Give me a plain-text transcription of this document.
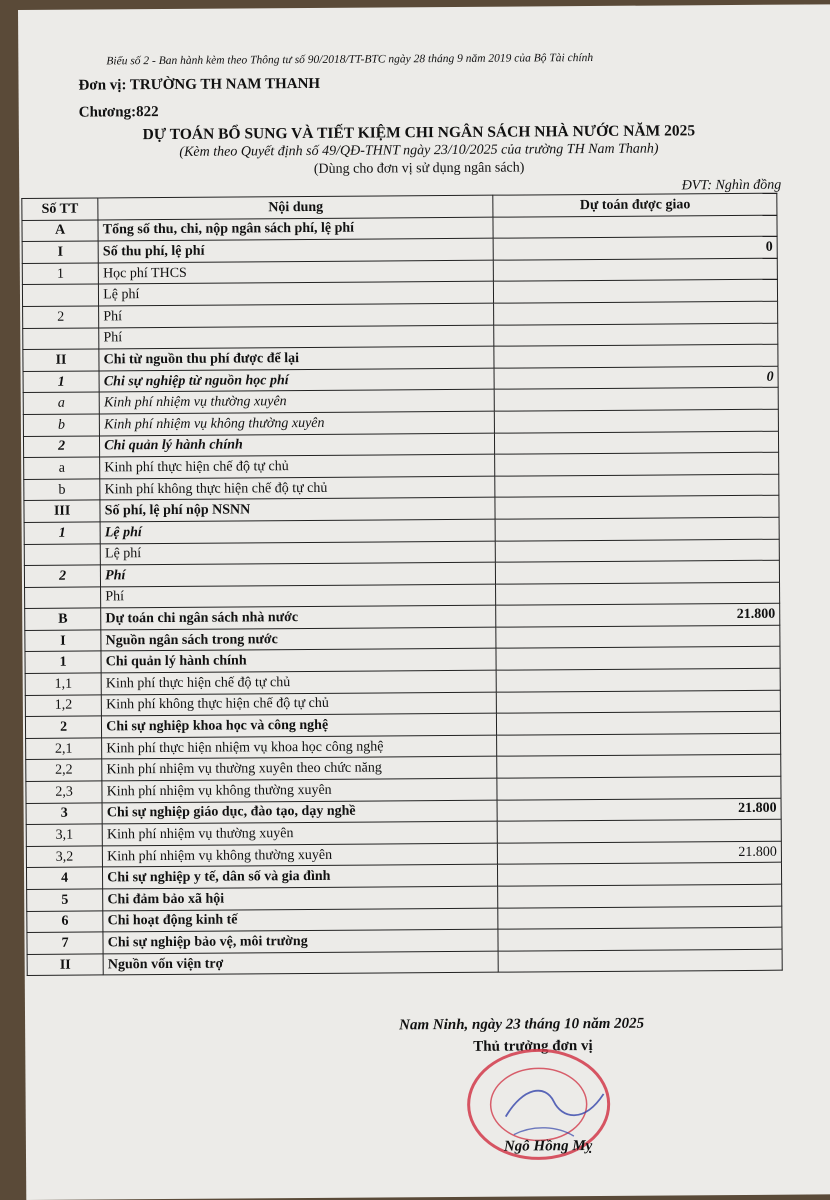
Biểu số 2 - Ban hành kèm theo Thông tư số 90/2018/TT-BTC ngày 28 tháng 9 năm 2019 của Bộ Tài chính
Đơn vị: TRƯỜNG TH NAM THANH
Chương:822
DỰ TOÁN BỔ SUNG VÀ TIẾT KIỆM CHI NGÂN SÁCH NHÀ NƯỚC NĂM 2025
(Kèm theo Quyết định số 49/QĐ-THNT ngày 23/10/2025 của trường TH Nam Thanh)
(Dùng cho đơn vị sử dụng ngân sách)
ĐVT: Nghìn đồng
Số TT	Nội dung	Dự toán được giao
A	Tổng số thu, chi, nộp ngân sách phí, lệ phí	
I	Số thu phí, lệ phí	0
1	Học phí THCS	
	Lệ phí	
2	Phí	
	Phí	
II	Chi từ nguồn thu phí được để lại	
1	Chi sự nghiệp từ nguồn học phí	0
a	Kinh phí nhiệm vụ thường xuyên	
b	Kinh phí nhiệm vụ không thường xuyên	
2	Chi quản lý hành chính	
a	Kinh phí thực hiện chế độ tự chủ	
b	Kinh phí không thực hiện chế độ tự chủ	
III	Số phí, lệ phí nộp NSNN	
1	Lệ phí	
	Lệ phí	
2	Phí	
	Phí	
B	Dự toán chi ngân sách nhà nước	21.800
I	Nguồn ngân sách trong nước	
1	Chi quản lý hành chính	
1,1	Kinh phí thực hiện chế độ tự chủ	
1,2	Kinh phí không thực hiện chế độ tự chủ	
2	Chi sự nghiệp khoa học và công nghệ	
2,1	Kinh phí thực hiện nhiệm vụ khoa học công nghệ	
2,2	Kinh phí nhiệm vụ thường xuyên theo chức năng	
2,3	Kinh phí nhiệm vụ không thường xuyên	
3	Chi sự nghiệp giáo dục, đào tạo, dạy nghề	21.800
3,1	Kinh phí nhiệm vụ thường xuyên	
3,2	Kinh phí nhiệm vụ không thường xuyên	21.800
4	Chi sự nghiệp y tế, dân số và gia đình	
5	Chi đảm bảo xã hội	
6	Chi hoạt động kinh tế	
7	Chi sự nghiệp bảo vệ, môi trường	
II	Nguồn vốn viện trợ	
Nam Ninh, ngày 23 tháng 10 năm 2025
Thủ trưởng đơn vị
Ngô Hồng Mỵ
